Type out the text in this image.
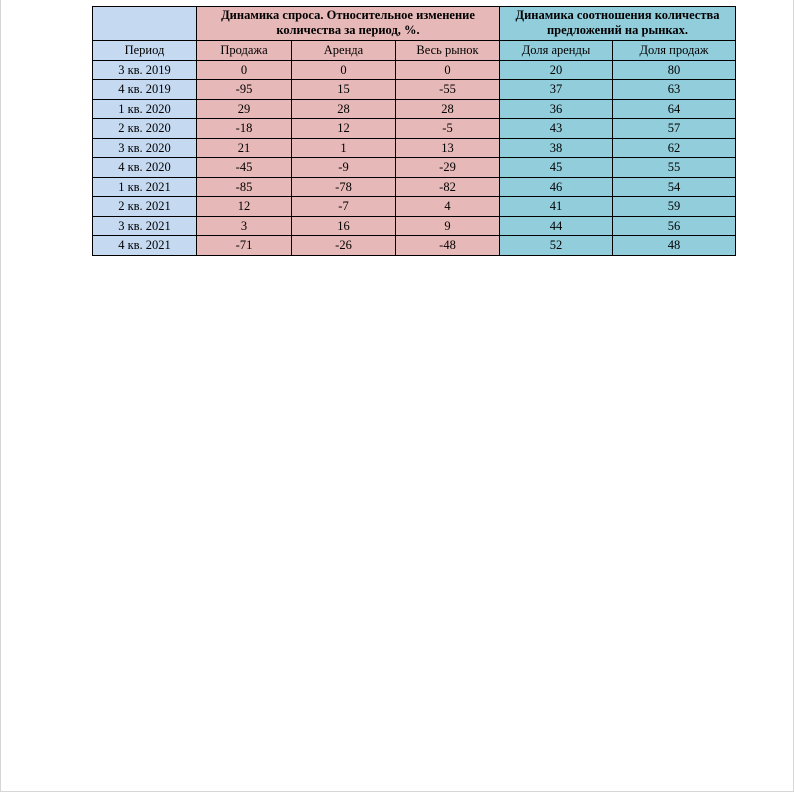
	Динамика спроса. Относительное изменение количества за период, %.			Динамика соотношения количества предложений на рынках.	
Период	Продажа	Аренда	Весь рынок	Доля аренды	Доля продаж
3 кв. 2019	0	0	0	20	80
4 кв. 2019	-95	15	-55	37	63
1 кв. 2020	29	28	28	36	64
2 кв. 2020	-18	12	-5	43	57
3 кв. 2020	21	1	13	38	62
4 кв. 2020	-45	-9	-29	45	55
1 кв. 2021	-85	-78	-82	46	54
2 кв. 2021	12	-7	4	41	59
3 кв. 2021	3	16	9	44	56
4 кв. 2021	-71	-26	-48	52	48
